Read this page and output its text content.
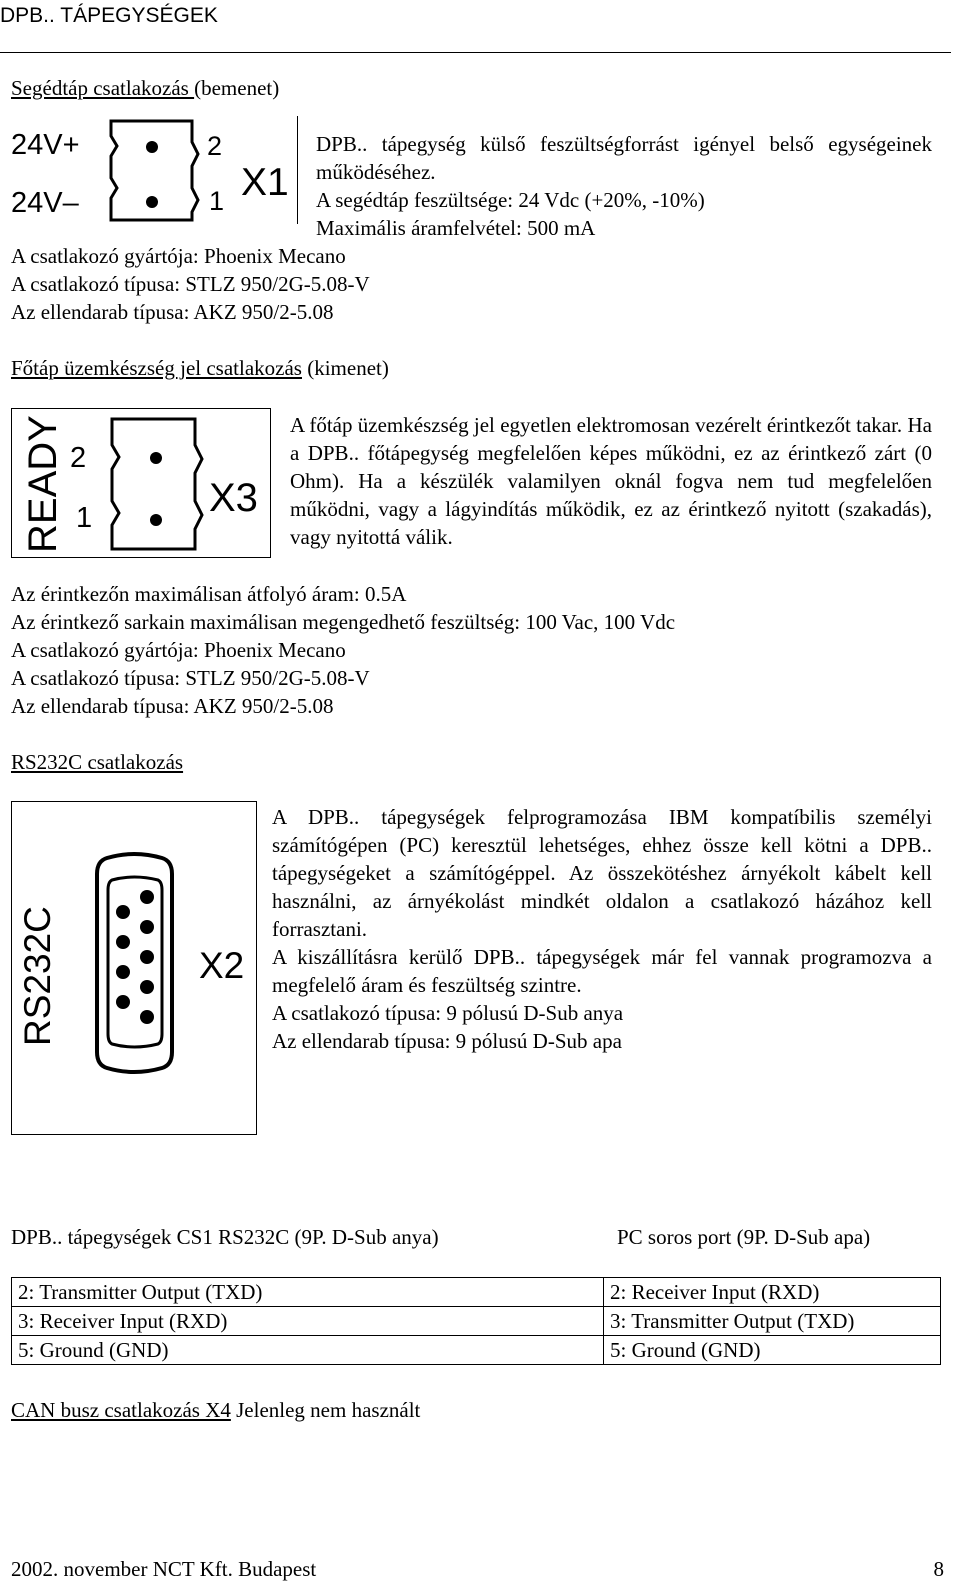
DPB.. TÁPEGYSÉGEK
Segédtáp csatlakozás (bemenet)
24V+
24V–
2
1 X1
DPB.. tápegység külső feszültségforrást igényel belső egységeinek működéséhez.
A segédtáp feszültsége: 24 Vdc (+20%, -10%)
Maximális áramfelvétel: 500 mA
A csatlakozó gyártója: Phoenix Mecano
A csatlakozó típusa: STLZ 950/2G-5.08-V
Az ellendarab típusa: AKZ 950/2-5.08
Főtáp üzemkészség jel csatlakozás (kimenet)
READY 2
1	X3
A főtáp üzemkészség jel egyetlen elektromosan vezérelt érintkezőt takar. Ha a DPB.. főtápegység megfelelően képes működni, ez az érintkező zárt (0 Ohm). Ha a készülék valamilyen oknál fogva nem tud megfelelően működni, vagy a lágyindítás működik, ez az érintkező nyitott (szakadás), vagy nyitottá válik.
Az érintkezőn maximálisan átfolyó áram: 0.5A
Az érintkező sarkain maximálisan megengedhető feszültség: 100 Vac, 100 Vdc
A csatlakozó gyártója: Phoenix Mecano
A csatlakozó típusa: STLZ 950/2G-5.08-V
Az ellendarab típusa: AKZ 950/2-5.08
RS232C csatlakozás
RS232C	X2
A DPB.. tápegységek felprogramozása IBM kompatíbilis személyi számítógépen (PC) keresztül lehetséges, ehhez össze kell kötni a DPB.. tápegységeket a számítógéppel. Az összekötéshez árnyékolt kábelt kell használni, az árnyékolást mindkét oldalon a csatlakozó házához kell forrasztani.
A kiszállításra kerülő DPB.. tápegységek már fel vannak programozva a megfelelő áram és feszültség szintre.
A csatlakozó típusa: 9 pólusú D-Sub anya
Az ellendarab típusa: 9 pólusú D-Sub apa
DPB.. tápegységek CS1 RS232C (9P. D-Sub anya)	PC soros port (9P. D-Sub apa)
2: Transmitter Output (TXD)	2: Receiver Input (RXD)
3: Receiver Input (RXD)	3: Transmitter Output (TXD)
5: Ground (GND)	5: Ground (GND)
CAN busz csatlakozás X4 Jelenleg nem használt
2002. november NCT Kft. Budapest	8
